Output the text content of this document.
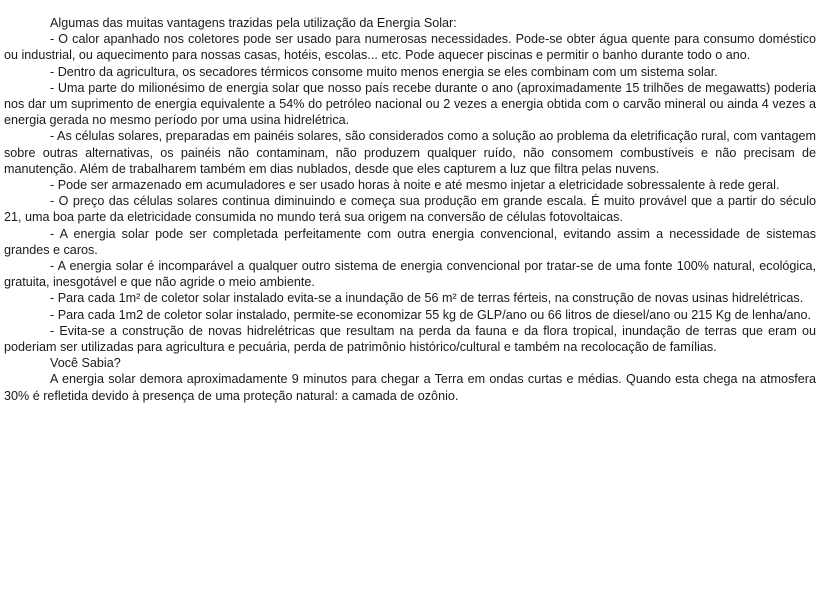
Algumas das muitas vantagens trazidas pela utilização da Energia Solar:

- O calor apanhado nos coletores pode ser usado para numerosas necessidades. Pode-se obter água quente para consumo doméstico ou industrial, ou aquecimento para nossas casas, hotéis, escolas... etc. Pode aquecer piscinas e permitir o banho durante todo o ano.

- Dentro da agricultura, os secadores térmicos consome muito menos energia se eles combinam com um sistema solar.

- Uma parte do milionésimo de energia solar que nosso país recebe durante o ano (aproximadamente 15 trilhões de megawatts) poderia nos dar um suprimento de energia equivalente a 54% do petróleo nacional ou 2 vezes a energia obtida com o carvão mineral ou ainda 4 vezes a energia gerada no mesmo período por uma usina hidrelétrica.

- As células solares, preparadas em painéis solares, são considerados como a solução ao problema da eletrificação rural, com vantagem sobre outras alternativas, os painéis não contaminam, não produzem qualquer ruído, não consomem combustíveis e não precisam de manutenção. Além de trabalharem também em dias nublados, desde que eles capturem a luz que filtra pelas nuvens.

- Pode ser armazenado em acumuladores e ser usado horas à noite e até mesmo injetar a eletricidade sobressalente à rede geral.

- O preço das células solares continua diminuindo e começa sua produção em grande escala. É muito provável que a partir do século 21, uma boa parte da eletricidade consumida no mundo terá sua origem na conversão de células fotovoltaicas.

- A energia solar pode ser completada perfeitamente com outra energia convencional, evitando assim a necessidade de sistemas grandes e caros.

- A energia solar é incomparável a qualquer outro sistema de energia convencional por tratar-se de uma fonte 100% natural, ecológica, gratuita, inesgotável e que não agride o meio ambiente.

- Para cada 1m² de coletor solar instalado evita-se a inundação de 56 m² de terras férteis, na construção de novas usinas hidrelétricas.

- Para cada 1m2 de coletor solar instalado, permite-se economizar 55 kg de GLP/ano ou 66 litros de diesel/ano ou 215 Kg de lenha/ano.

- Evita-se a construção de novas hidrelétricas que resultam na perda da fauna e da flora tropical, inundação de terras que eram ou poderiam ser utilizadas para agricultura e pecuária, perda de patrimônio histórico/cultural e também na recolocação de famílias.

Você Sabia?

A energia solar demora aproximadamente 9 minutos para chegar a Terra em ondas curtas e médias. Quando esta chega na atmosfera 30% é refletida devido à presença de uma proteção natural: a camada de ozônio.
